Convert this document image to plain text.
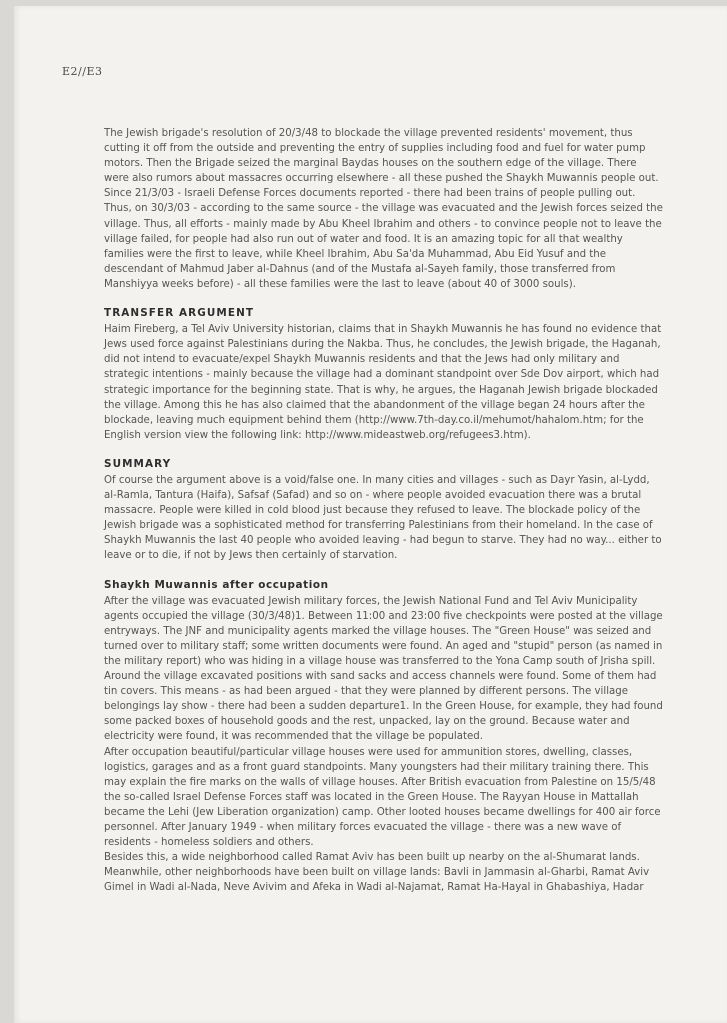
E2//E3

The Jewish brigade's resolution of 20/3/48 to blockade the village prevented residents' movement, thus cutting it off from the outside and preventing the entry of supplies including food and fuel for water pump motors. Then the Brigade seized the marginal Baydas houses on the southern edge of the village. There were also rumors about massacres occurring elsewhere - all these pushed the Shaykh Muwannis people out. Since 21/3/03 - Israeli Defense Forces documents reported - there had been trains of people pulling out. Thus, on 30/3/03 - according to the same source - the village was evacuated and the Jewish forces seized the village. Thus, all efforts - mainly made by Abu Kheel Ibrahim and others - to convince people not to leave the village failed, for people had also run out of water and food. It is an amazing topic for all that wealthy families were the first to leave, while Kheel Ibrahim, Abu Sa'da Muhammad, Abu Eid Yusuf and the descendant of Mahmud Jaber al-Dahnus (and of the Mustafa al-Sayeh family, those transferred from Manshiyya weeks before) - all these families were the last to leave (about 40 of 3000 souls).

TRANSFER ARGUMENT

Haim Fireberg, a Tel Aviv University historian, claims that in Shaykh Muwannis he has found no evidence that Jews used force against Palestinians during the Nakba. Thus, he concludes, the Jewish brigade, the Haganah, did not intend to evacuate/expel Shaykh Muwannis residents and that the Jews had only military and strategic intentions - mainly because the village had a dominant standpoint over Sde Dov airport, which had strategic importance for the beginning state. That is why, he argues, the Haganah Jewish brigade blockaded the village. Among this he has also claimed that the abandonment of the village began 24 hours after the blockade, leaving much equipment behind them (http://www.7th-day.co.il/mehumot/hahalom.htm; for the English version view the following link: http://www.mideastweb.org/refugees3.htm).

SUMMARY

Of course the argument above is a void/false one. In many cities and villages - such as Dayr Yasin, al-Lydd, al-Ramla, Tantura (Haifa), Safsaf (Safad) and so on - where people avoided evacuation there was a brutal massacre. People were killed in cold blood just because they refused to leave. The blockade policy of the Jewish brigade was a sophisticated method for transferring Palestinians from their homeland. In the case of Shaykh Muwannis the last 40 people who avoided leaving - had begun to starve. They had no way... either to leave or to die, if not by Jews then certainly of starvation.

Shaykh Muwannis after occupation

After the village was evacuated Jewish military forces, the Jewish National Fund and Tel Aviv Municipality agents occupied the village (30/3/48)1. Between 11:00 and 23:00 five checkpoints were posted at the village entryways. The JNF and municipality agents marked the village houses. The "Green House" was seized and turned over to military staff; some written documents were found. An aged and "stupid" person (as named in the military report) who was hiding in a village house was transferred to the Yona Camp south of Jrisha spill. Around the village excavated positions with sand sacks and access channels were found. Some of them had tin covers. This means - as had been argued - that they were planned by different persons. The village belongings lay show - there had been a sudden departure1. In the Green House, for example, they had found some packed boxes of household goods and the rest, unpacked, lay on the ground. Because water and electricity were found, it was recommended that the village be populated.

After occupation beautiful/particular village houses were used for ammunition stores, dwelling, classes, logistics, garages and as a front guard standpoints. Many youngsters had their military training there. This may explain the fire marks on the walls of village houses. After British evacuation from Palestine on 15/5/48 the so-called Israel Defense Forces staff was located in the Green House. The Rayyan House in Mattallah became the Lehi (Jew Liberation organization) camp. Other looted houses became dwellings for 400 air force personnel. After January 1949 - when military forces evacuated the village - there was a new wave of residents - homeless soldiers and others.

Besides this, a wide neighborhood called Ramat Aviv has been built up nearby on the al-Shumarat lands. Meanwhile, other neighborhoods have been built on village lands: Bavli in Jammasin al-Gharbi, Ramat Aviv Gimel in Wadi al-Nada, Neve Avivim and Afeka in Wadi al-Najamat, Ramat Ha-Hayal in Ghabashiya, Hadar
